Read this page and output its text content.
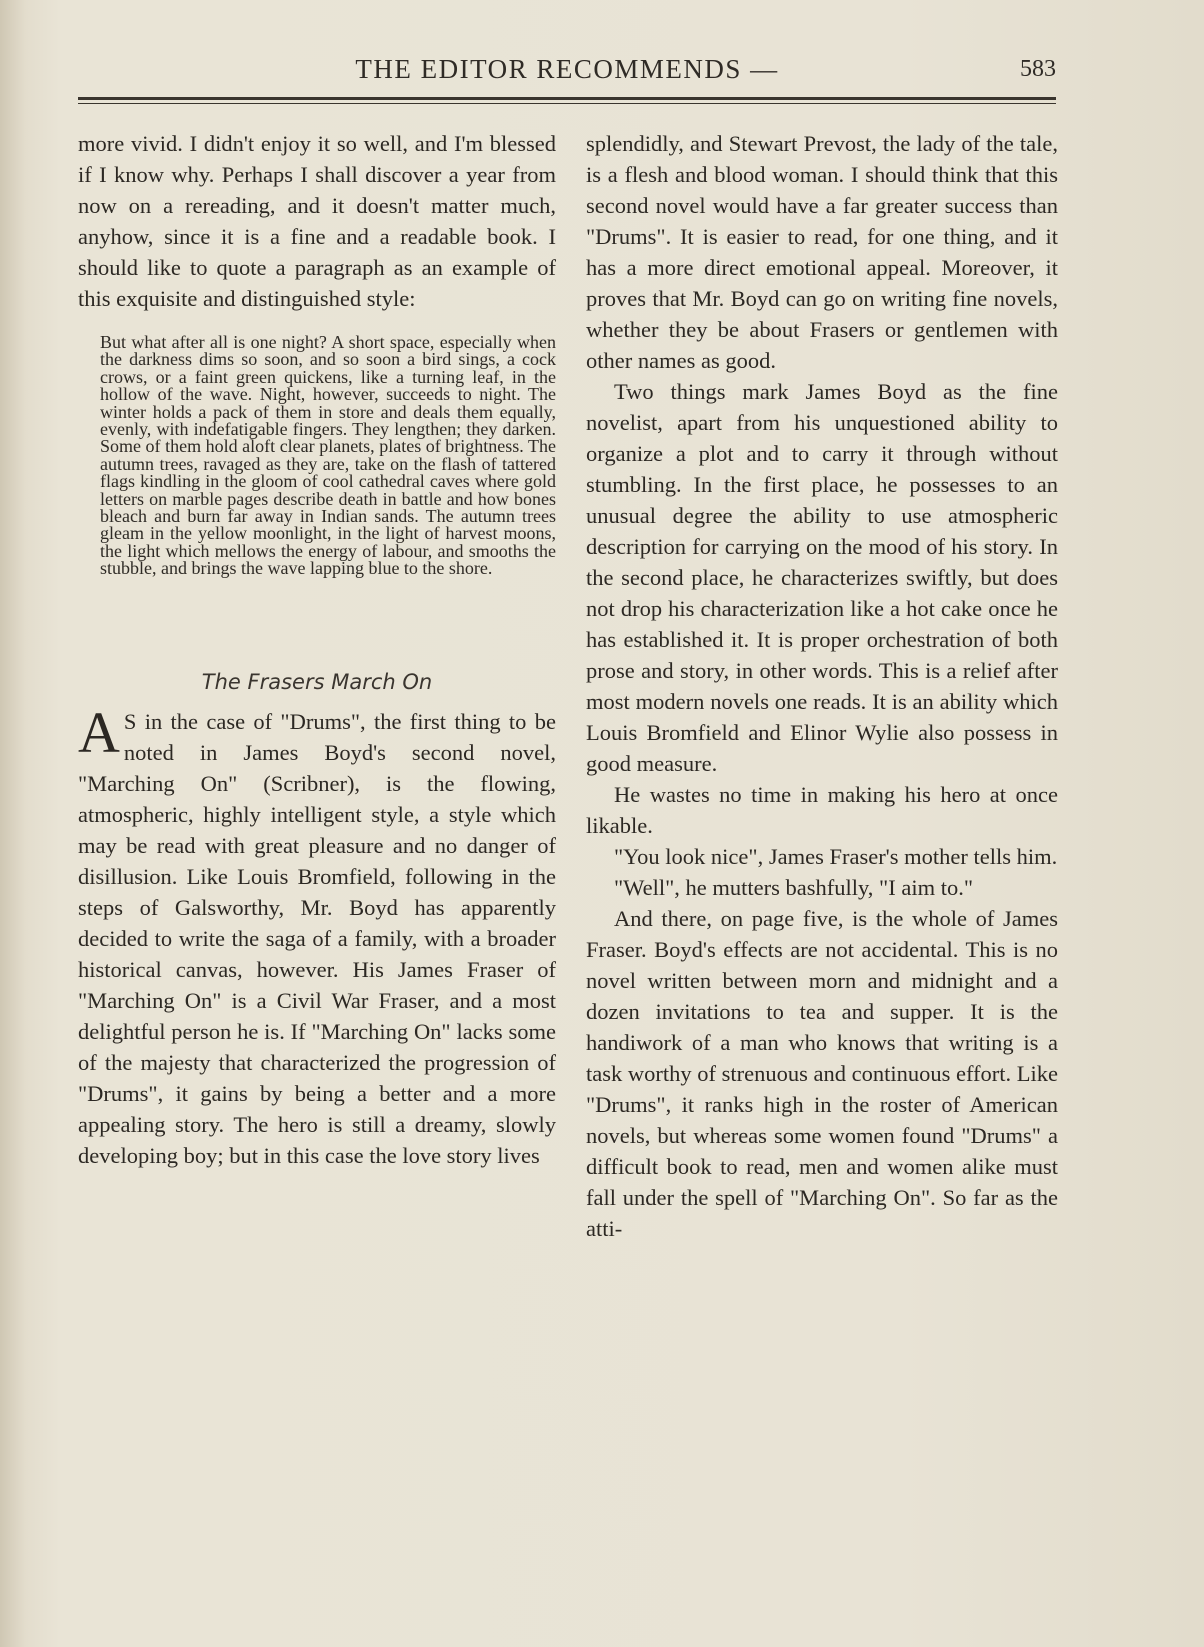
THE EDITOR RECOMMENDS —	583

more vivid. I didn't enjoy it so well, and I'm blessed if I know why. Perhaps I shall discover a year from now on a rereading, and it doesn't matter much, anyhow, since it is a fine and a readable book. I should like to quote a paragraph as an example of this exquisite and distinguished style:

But what after all is one night? A short space, especially when the darkness dims so soon, and so soon a bird sings, a cock crows, or a faint green quickens, like a turning leaf, in the hollow of the wave. Night, however, succeeds to night. The winter holds a pack of them in store and deals them equally, evenly, with indefatigable fingers. They lengthen; they darken. Some of them hold aloft clear planets, plates of brightness. The autumn trees, ravaged as they are, take on the flash of tattered flags kindling in the gloom of cool cathedral caves where gold letters on marble pages describe death in battle and how bones bleach and burn far away in Indian sands. The autumn trees gleam in the yellow moonlight, in the light of harvest moons, the light which mellows the energy of labour, and smooths the stubble, and brings the wave lapping blue to the shore.

The Frasers March On

A S in the case of "Drums", the first thing to be noted in James Boyd's second novel, "Marching On" (Scribner), is the flowing, atmospheric, highly intelligent style, a style which may be read with great pleasure and no danger of disillusion. Like Louis Bromfield, following in the steps of Galsworthy, Mr. Boyd has apparently decided to write the saga of a family, with a broader historical canvas, however. His James Fraser of "Marching On" is a Civil War Fraser, and a most delightful person he is. If "Marching On" lacks some of the majesty that characterized the progression of "Drums", it gains by being a better and a more appealing story. The hero is still a dreamy, slowly developing boy; but in this case the love story lives

splendidly, and Stewart Prevost, the lady of the tale, is a flesh and blood woman. I should think that this second novel would have a far greater success than "Drums". It is easier to read, for one thing, and it has a more direct emotional appeal. Moreover, it proves that Mr. Boyd can go on writing fine novels, whether they be about Frasers or gentlemen with other names as good.

Two things mark James Boyd as the fine novelist, apart from his unquestioned ability to organize a plot and to carry it through without stumbling. In the first place, he possesses to an unusual degree the ability to use atmospheric description for carrying on the mood of his story. In the second place, he characterizes swiftly, but does not drop his characterization like a hot cake once he has established it. It is proper orchestration of both prose and story, in other words. This is a relief after most modern novels one reads. It is an ability which Louis Bromfield and Elinor Wylie also possess in good measure.

He wastes no time in making his hero at once likable.

"You look nice", James Fraser's mother tells him.

"Well", he mutters bashfully, "I aim to."

And there, on page five, is the whole of James Fraser. Boyd's effects are not accidental. This is no novel written between morn and midnight and a dozen invitations to tea and supper. It is the handiwork of a man who knows that writing is a task worthy of strenuous and continuous effort. Like "Drums", it ranks high in the roster of American novels, but whereas some women found "Drums" a difficult book to read, men and women alike must fall under the spell of "Marching On". So far as the atti-
